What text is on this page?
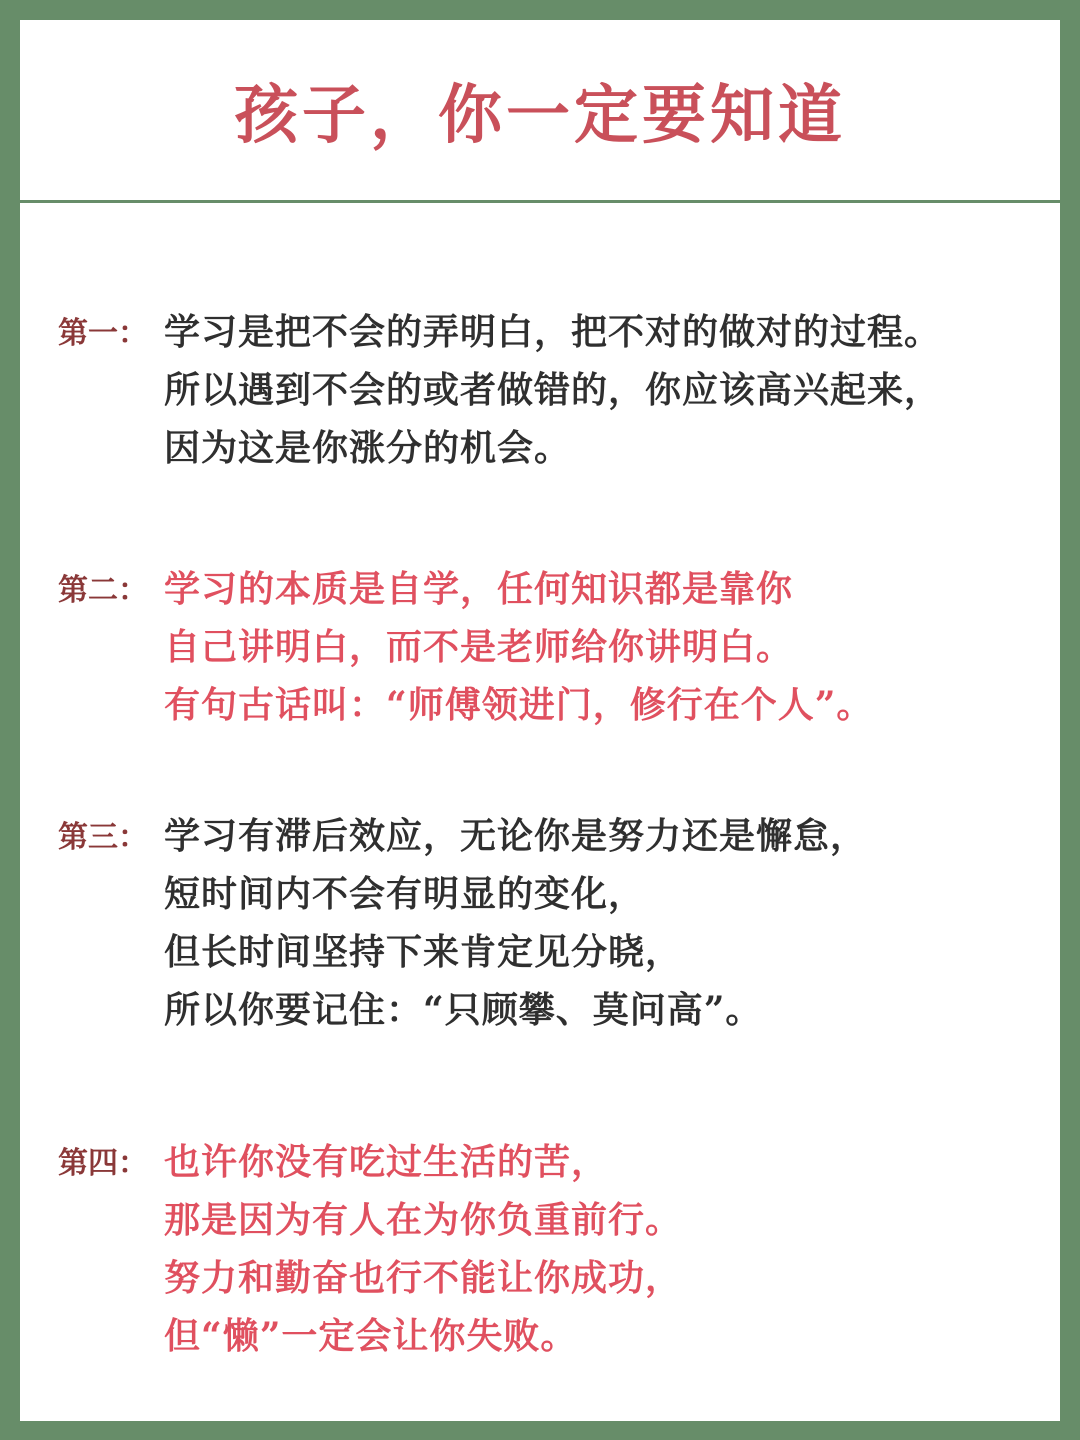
孩子，你一定要知道
第一： 学习是把不会的弄明白，把不对的做对的过程。
所以遇到不会的或者做错的，你应该高兴起来，
因为这是你涨分的机会。
第二： 学习的本质是自学，任何知识都是靠你
自己讲明白，而不是老师给你讲明白。
有句古话叫：“师傅领进门，修行在个人”。
第三： 学习有滞后效应，无论你是努力还是懈怠，
短时间内不会有明显的变化，
但长时间坚持下来肯定见分晓，
所以你要记住：“只顾攀、莫问高”。
第四： 也许你没有吃过生活的苦，
那是因为有人在为你负重前行。
努力和勤奋也行不能让你成功，
但“懒”一定会让你失败。
